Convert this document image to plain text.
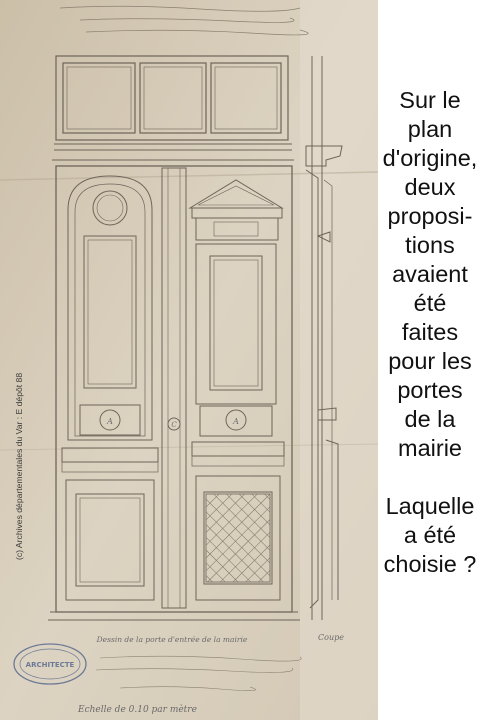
A	C	A
Coupe
Dessin de la porte d'entrée de la mairie
Echelle de 0.10 par mètre
ARCHITECTE
(c) Archives départementales du Var : E dépôt 88
Sur le
plan
d'origine,
deux
proposi-
tions
avaient
été
faites
pour les
portes
de la
mairie
Laquelle
a été
choisie ?
